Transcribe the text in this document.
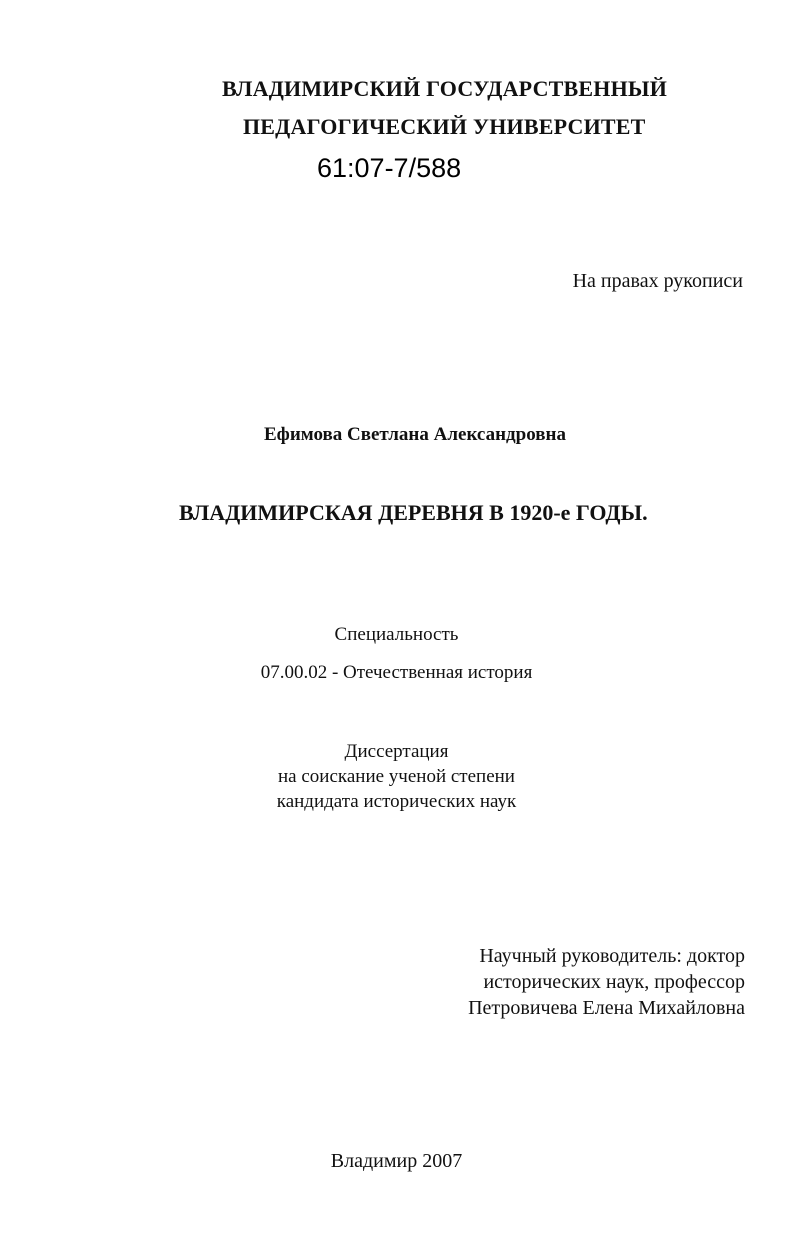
ВЛАДИМИРСКИЙ ГОСУДАРСТВЕННЫЙ

ПЕДАГОГИЧЕСКИЙ УНИВЕРСИТЕТ

61:07-7/588

На правах рукописи

Ефимова Светлана Александровна

ВЛАДИМИРСКАЯ ДЕРЕВНЯ В 1920-е ГОДЫ.

Специальность

07.00.02 - Отечественная история

Диссертация

на соискание ученой степени

кандидата исторических наук

Научный руководитель: доктор
исторических наук, профессор
Петровичева Елена Михайловна

Владимир 2007
